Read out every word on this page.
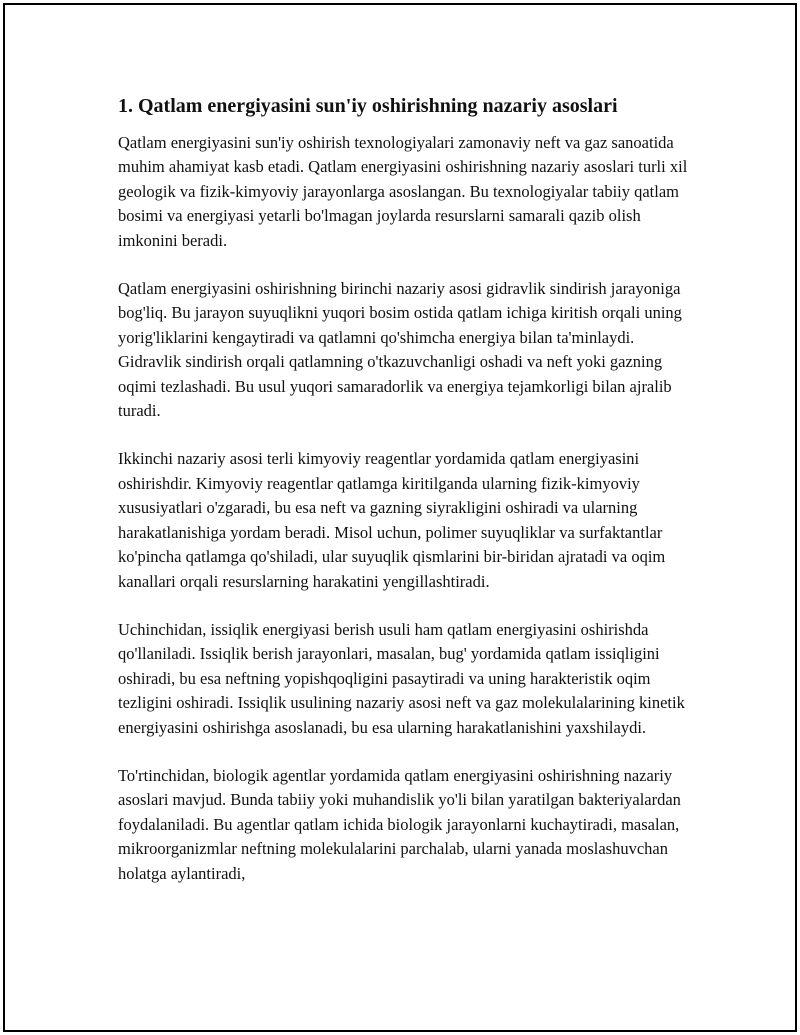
1. Qatlam energiyasini sun'iy oshirishning nazariy asoslari

Qatlam energiyasini sun'iy oshirish texnologiyalari zamonaviy neft va gaz sanoatida muhim ahamiyat kasb etadi. Qatlam energiyasini oshirishning nazariy asoslari turli xil geologik va fizik-kimyoviy jarayonlarga asoslangan. Bu texnologiyalar tabiiy qatlam bosimi va energiyasi yetarli bo'lmagan joylarda resurslarni samarali qazib olish imkonini beradi.

Qatlam energiyasini oshirishning birinchi nazariy asosi gidravlik sindirish jarayoniga bog'liq. Bu jarayon suyuqlikni yuqori bosim ostida qatlam ichiga kiritish orqali uning yorig'liklarini kengaytiradi va qatlamni qo'shimcha energiya bilan ta'minlaydi. Gidravlik sindirish orqali qatlamning o'tkazuvchanligi oshadi va neft yoki gazning oqimi tezlashadi. Bu usul yuqori samaradorlik va energiya tejamkorligi bilan ajralib turadi.

Ikkinchi nazariy asosi terli kimyoviy reagentlar yordamida qatlam energiyasini oshirishdir. Kimyoviy reagentlar qatlamga kiritilganda ularning fizik-kimyoviy xususiyatlari o'zgaradi, bu esa neft va gazning siyrakligini oshiradi va ularning harakatlanishiga yordam beradi. Misol uchun, polimer suyuqliklar va surfaktantlar ko'pincha qatlamga qo'shiladi, ular suyuqlik qismlarini bir-biridan ajratadi va oqim kanallari orqali resurslarning harakatini yengillashtiradi.

Uchinchidan, issiqlik energiyasi berish usuli ham qatlam energiyasini oshirishda qo'llaniladi. Issiqlik berish jarayonlari, masalan, bug' yordamida qatlam issiqligini oshiradi, bu esa neftning yopishqoqligini pasaytiradi va uning harakteristik oqim tezligini oshiradi. Issiqlik usulining nazariy asosi neft va gaz molekulalarining kinetik energiyasini oshirishga asoslanadi, bu esa ularning harakatlanishini yaxshilaydi.

To'rtinchidan, biologik agentlar yordamida qatlam energiyasini oshirishning nazariy asoslari mavjud. Bunda tabiiy yoki muhandislik yo'li bilan yaratilgan bakteriyalardan foydalaniladi. Bu agentlar qatlam ichida biologik jarayonlarni kuchaytiradi, masalan, mikroorganizmlar neftning molekulalarini parchalab, ularni yanada moslashuvchan holatga aylantiradi,
